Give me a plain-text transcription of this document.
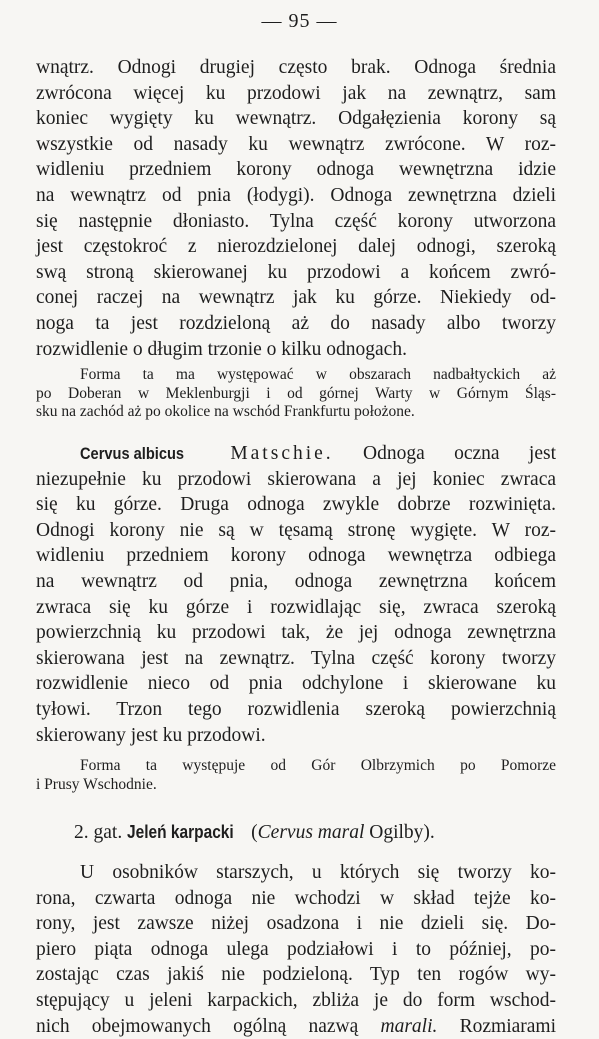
— 95 —
wnątrz. Odnogi drugiej często brak. Odnoga średnia
zwrócona więcej ku przodowi jak na zewnątrz, sam
koniec wygięty ku wewnątrz. Odgałęzienia korony są
wszystkie od nasady ku wewnątrz zwrócone. W roz-
widleniu przedniem korony odnoga wewnętrzna idzie
na wewnątrz od pnia (łodygi). Odnoga zewnętrzna dzieli
się następnie dłoniasto. Tylna część korony utworzona
jest częstokroć z nierozdzielonej dalej odnogi, szeroką
swą stroną skierowanej ku przodowi a końcem zwró-
conej raczej na wewnątrz jak ku górze. Niekiedy od-
noga ta jest rozdzieloną aż do nasady albo tworzy
rozwidlenie o długim trzonie o kilku odnogach.
Forma ta ma występować w obszarach nadbałtyckich aż
po Doberan w Meklenburgji i od górnej Warty w Górnym Śląs-
sku na zachód aż po okolice na wschód Frankfurtu położone.
Cervus albicus Matschie. Odnoga oczna jest
niezupełnie ku przodowi skierowana a jej koniec zwraca
się ku górze. Druga odnoga zwykle dobrze rozwinięta.
Odnogi korony nie są w tęsamą stronę wygięte. W roz-
widleniu przedniem korony odnoga wewnętrza odbiega
na wewnątrz od pnia, odnoga zewnętrzna końcem
zwraca się ku górze i rozwidlając się, zwraca szeroką
powierzchnią ku przodowi tak, że jej odnoga zewnętrzna
skierowana jest na zewnątrz. Tylna część korony tworzy
rozwidlenie nieco od pnia odchylone i skierowane ku
tyłowi. Trzon tego rozwidlenia szeroką powierzchnią
skierowany jest ku przodowi.
Forma ta występuje od Gór Olbrzymich po Pomorze
i Prusy Wschodnie.
2. gat. Jeleń karpacki (Cervus maral Ogilby).
U osobników starszych, u których się tworzy ko-
rona, czwarta odnoga nie wchodzi w skład tejże ko-
rony, jest zawsze niżej osadzona i nie dzieli się. Do-
piero piąta odnoga ulega podziałowi i to później, po-
zostając czas jakiś nie podzieloną. Typ ten rogów wy-
stępujący u jeleni karpackich, zbliża je do form wschod-
nich obejmowanych ogólną nazwą marali. Rozmiarami
